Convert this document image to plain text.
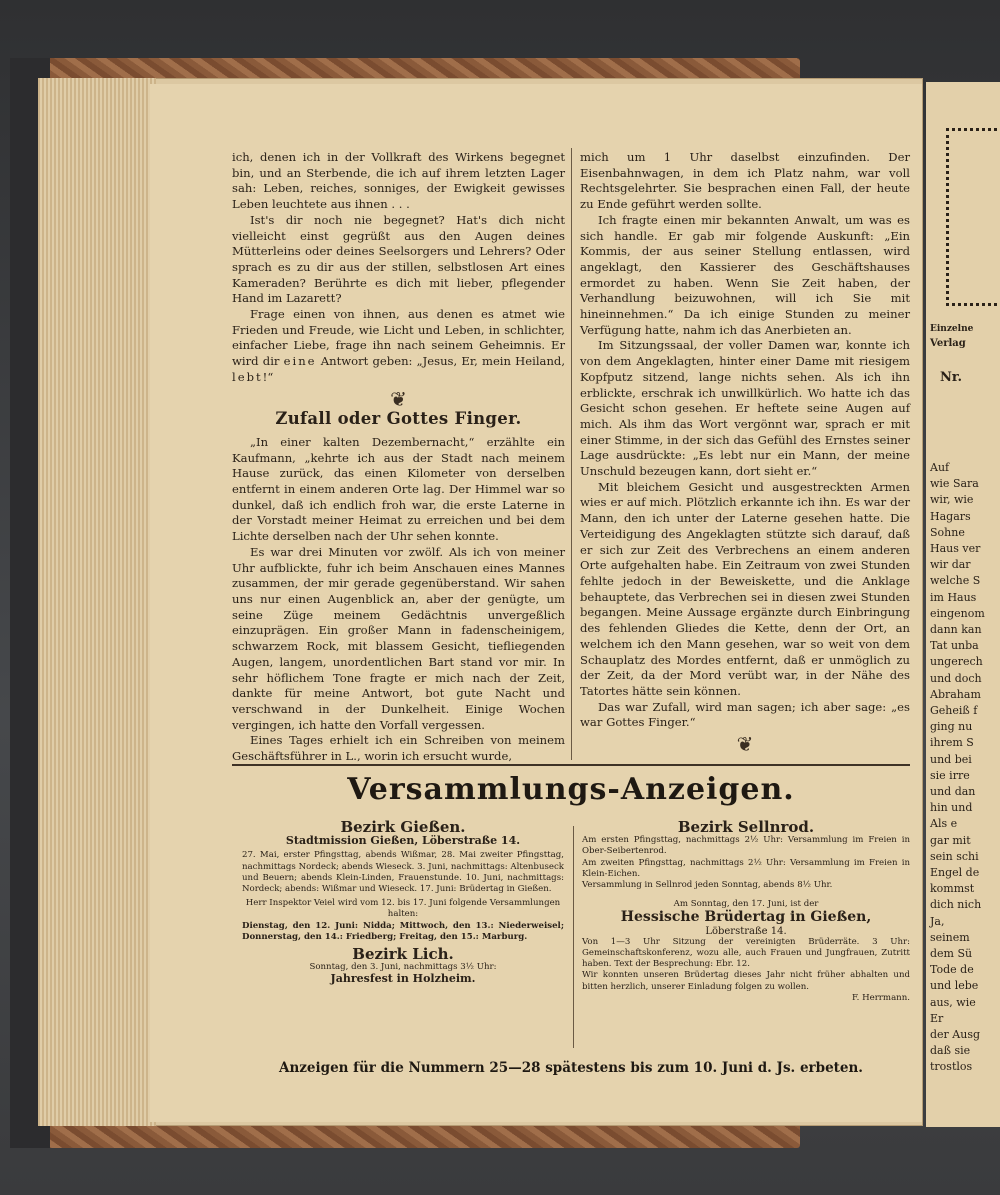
ich, denen ich in der Vollkraft des Wirkens begegnet bin, und an Sterbende, die ich auf ihrem letzten Lager sah: Leben, reiches, sonniges, der Ewigkeit gewisses Leben leuchtete aus ihnen . . .

Ist's dir noch nie begegnet? Hat's dich nicht vielleicht einst gegrüßt aus den Augen deines Mütterleins oder deines Seelsorgers und Lehrers? Oder sprach es zu dir aus der stillen, selbstlosen Art eines Kameraden? Berührte es dich mit lieber, pflegender Hand im Lazarett?

Frage einen von ihnen, aus denen es atmet wie Frieden und Freude, wie Licht und Leben, in schlichter, einfacher Liebe, frage ihn nach seinem Geheimnis. Er wird dir eine Antwort geben: „Jesus, Er, mein Heiland, lebt!“

❦
Zufall oder Gottes Finger.

„In einer kalten Dezembernacht,“ erzählte ein Kaufmann, „kehrte ich aus der Stadt nach meinem Hause zurück, das einen Kilometer von derselben entfernt in einem anderen Orte lag. Der Himmel war so dunkel, daß ich endlich froh war, die erste Laterne in der Vorstadt meiner Heimat zu erreichen und bei dem Lichte derselben nach der Uhr sehen konnte.

Es war drei Minuten vor zwölf. Als ich von meiner Uhr aufblickte, fuhr ich beim Anschauen eines Mannes zusammen, der mir gerade gegenüberstand. Wir sahen uns nur einen Augenblick an, aber der genügte, um seine Züge meinem Gedächtnis unvergeßlich einzuprägen. Ein großer Mann in fadenscheinigem, schwarzem Rock, mit blassem Gesicht, tiefliegenden Augen, langem, unordentlichen Bart stand vor mir. In sehr höflichem Tone fragte er mich nach der Zeit, dankte für meine Antwort, bot gute Nacht und verschwand in der Dunkelheit. Einige Wochen vergingen, ich hatte den Vorfall vergessen.

Eines Tages erhielt ich ein Schreiben von meinem Geschäftsführer in L., worin ich ersucht wurde,

mich um 1 Uhr daselbst einzufinden. Der Eisenbahnwagen, in dem ich Platz nahm, war voll Rechtsgelehrter. Sie besprachen einen Fall, der heute zu Ende geführt werden sollte.

Ich fragte einen mir bekannten Anwalt, um was es sich handle. Er gab mir folgende Auskunft: „Ein Kommis, der aus seiner Stellung entlassen, wird angeklagt, den Kassierer des Geschäftshauses ermordet zu haben. Wenn Sie Zeit haben, der Verhandlung beizuwohnen, will ich Sie mit hineinnehmen.“ Da ich einige Stunden zu meiner Verfügung hatte, nahm ich das Anerbieten an.

Im Sitzungssaal, der voller Damen war, konnte ich von dem Angeklagten, hinter einer Dame mit riesigem Kopfputz sitzend, lange nichts sehen. Als ich ihn erblickte, erschrak ich unwillkürlich. Wo hatte ich das Gesicht schon gesehen. Er heftete seine Augen auf mich. Als ihm das Wort vergönnt war, sprach er mit einer Stimme, in der sich das Gefühl des Ernstes seiner Lage ausdrückte: „Es lebt nur ein Mann, der meine Unschuld bezeugen kann, dort sieht er.“

Mit bleichem Gesicht und ausgestreckten Armen wies er auf mich. Plötzlich erkannte ich ihn. Es war der Mann, den ich unter der Laterne gesehen hatte. Die Verteidigung des Angeklagten stützte sich darauf, daß er sich zur Zeit des Verbrechens an einem anderen Orte aufgehalten habe. Ein Zeitraum von zwei Stunden fehlte jedoch in der Beweiskette, und die Anklage behauptete, das Verbrechen sei in diesen zwei Stunden begangen. Meine Aussage ergänzte durch Einbringung des fehlenden Gliedes die Kette, denn der Ort, an welchem ich den Mann gesehen, war so weit von dem Schauplatz des Mordes entfernt, daß er unmöglich zu der Zeit, da der Mord verübt war, in der Nähe des Tatortes hätte sein können.

Das war Zufall, wird man sagen; ich aber sage: „es war Gottes Finger.“

❦
Versammlungs-Anzeigen.
Bezirk Gießen.
Stadtmission Gießen, Löberstraße 14.

27. Mai, erster Pfingsttag, abends Wißmar, 28. Mai zweiter Pfingsttag, nachmittags Nordeck; abends Wieseck. 3. Juni, nachmittags: Altenbuseck und Beuern; abends Klein-Linden, Frauenstunde. 10. Juni, nachmittags: Nordeck; abends: Wißmar und Wieseck. 17. Juni: Brüdertag in Gießen.

Herr Inspektor Veiel wird vom 12. bis 17. Juni folgende Versammlungen halten:

Dienstag, den 12. Juni: Nidda; Mittwoch, den 13.: Niederweisel; Donnerstag, den 14.: Friedberg; Freitag, den 15.: Marburg.

Bezirk Lich.

Sonntag, den 3. Juni, nachmittags 3½ Uhr:

Jahresfest in Holzheim.

Bezirk Sellnrod.

Am ersten Pfingsttag, nachmittags 2½ Uhr: Versammlung im Freien in Ober-Seibertenrod.

Am zweiten Pfingsttag, nachmittags 2½ Uhr: Versammlung im Freien in Klein-Eichen.

Versammlung in Sellnrod jeden Sonntag, abends 8½ Uhr.

Am Sonntag, den 17. Juni, ist der

Hessische Brüdertag in Gießen,

Löberstraße 14.

Von 1—3 Uhr Sitzung der vereinigten Brüderräte. 3 Uhr: Gemeinschaftskonferenz, wozu alle, auch Frauen und Jungfrauen, Zutritt haben. Text der Besprechung: Ebr. 12.

Wir konnten unseren Brüdertag dieses Jahr nicht früher abhalten und bitten herzlich, unserer Einladung folgen zu wollen.

F. Herrmann.

Anzeigen für die Nummern 25—28 spätestens bis zum 10. Juni d. Js. erbeten.
Einzelne
Verlag
Nr.
Auf
wie Sara
wir, wie
Hagars
Sohne
Haus ver
wir dar
welche S
im Haus
eingenom
dann kan
Tat unba
ungerech
und doch
Abraham
Geheiß f
ging nu
ihrem S
und bei
sie irre
und dan
hin und
Als e
gar mit
sein schi
Engel de
kommst
dich nich
Ja,
seinem
dem Sü
Tode de
und lebe
aus, wie
Er
der Ausg
daß sie
trostlos
